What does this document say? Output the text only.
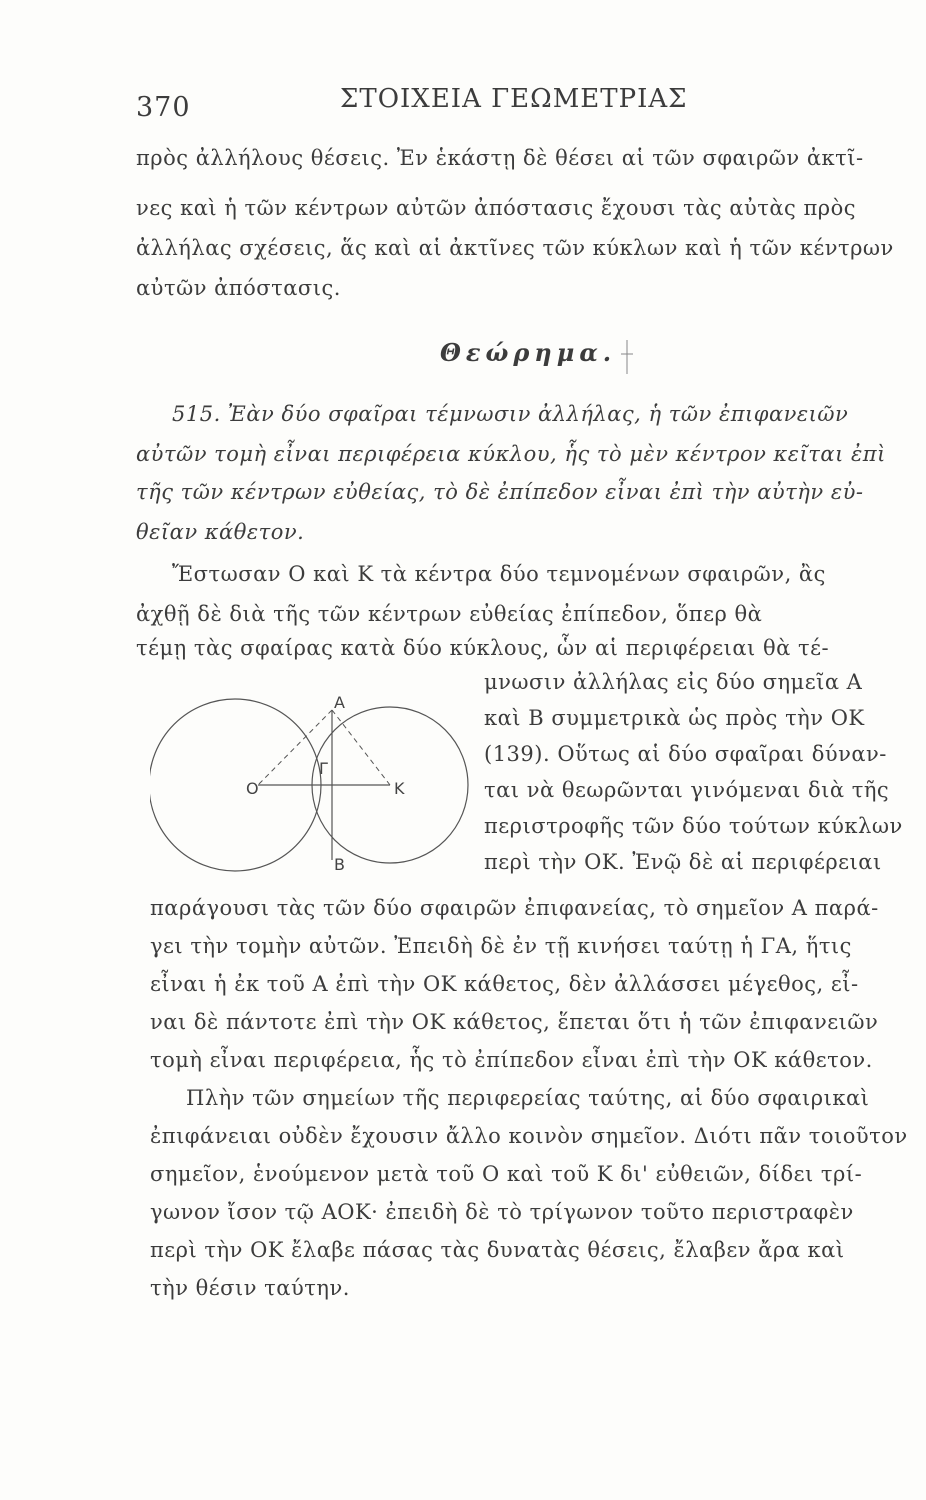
370	ΣΤΟΙΧΕΙΑ ΓΕΩΜΕΤΡΙΑΣ
πρὸς ἀλλήλους θέσεις. Ἐν ἑκάστῃ δὲ θέσει αἱ τῶν σφαιρῶν ἀκτῖ-
νες καὶ ἡ τῶν κέντρων αὐτῶν ἀπόστασις ἔχουσι τὰς αὐτὰς πρὸς
ἀλλήλας σχέσεις, ἅς καὶ αἱ ἀκτῖνες τῶν κύκλων καὶ ἡ τῶν κέντρων
αὐτῶν ἀπόστασις.
Θεώρημα.
515. Ἐὰν δύο σφαῖραι τέμνωσιν ἀλλήλας, ἡ τῶν ἐπιφανειῶν
αὐτῶν τομὴ εἶναι περιφέρεια κύκλου, ἧς τὸ μὲν κέντρον κεῖται ἐπὶ
τῆς τῶν κέντρων εὐθείας, τὸ δὲ ἐπίπεδον εἶναι ἐπὶ τὴν αὐτὴν εὐ-
θεῖαν κάθετον.
Ἔστωσαν Ο καὶ Κ τὰ κέντρα δύο τεμνομένων σφαιρῶν, ἂς
ἀχθῇ δὲ διὰ τῆς τῶν κέντρων εὐθείας ἐπίπεδον, ὅπερ θὰ
τέμῃ τὰς σφαίρας κατὰ δύο κύκλους, ὧν αἱ περιφέρειαι θὰ τέ-
μνωσιν ἀλλήλας εἰς δύο σημεῖα Α
καὶ Β συμμετρικὰ ὡς πρὸς τὴν ΟΚ
(139). Οὕτως αἱ δύο σφαῖραι δύναν-
ται νὰ θεωρῶνται γινόμεναι διὰ τῆς
περιστροφῆς τῶν δύο τούτων κύκλων
περὶ τὴν ΟΚ. Ἐνῷ δὲ αἱ περιφέρειαι
Α
Β
Γ
Ο	Κ
παράγουσι τὰς τῶν δύο σφαιρῶν ἐπιφανείας, τὸ σημεῖον Α παρά-
γει τὴν τομὴν αὐτῶν. Ἐπειδὴ δὲ ἐν τῇ κινήσει ταύτῃ ἡ ΓΑ, ἥτις
εἶναι ἡ ἐκ τοῦ Α ἐπὶ τὴν ΟΚ κάθετος, δὲν ἀλλάσσει μέγεθος, εἶ-
ναι δὲ πάντοτε ἐπὶ τὴν ΟΚ κάθετος, ἕπεται ὅτι ἡ τῶν ἐπιφανειῶν
τομὴ εἶναι περιφέρεια, ἧς τὸ ἐπίπεδον εἶναι ἐπὶ τὴν ΟΚ κάθετον.
Πλὴν τῶν σημείων τῆς περιφερείας ταύτης, αἱ δύο σφαιρικαὶ
ἐπιφάνειαι οὐδὲν ἔχουσιν ἄλλο κοινὸν σημεῖον. Διότι πᾶν τοιοῦτον
σημεῖον, ἑνούμενον μετὰ τοῦ Ο καὶ τοῦ Κ δι' εὐθειῶν, δίδει τρί-
γωνον ἴσον τῷ ΑΟΚ· ἐπειδὴ δὲ τὸ τρίγωνον τοῦτο περιστραφὲν
περὶ τὴν ΟΚ ἔλαβε πάσας τὰς δυνατὰς θέσεις, ἔλαβεν ἄρα καὶ
τὴν θέσιν ταύτην.
